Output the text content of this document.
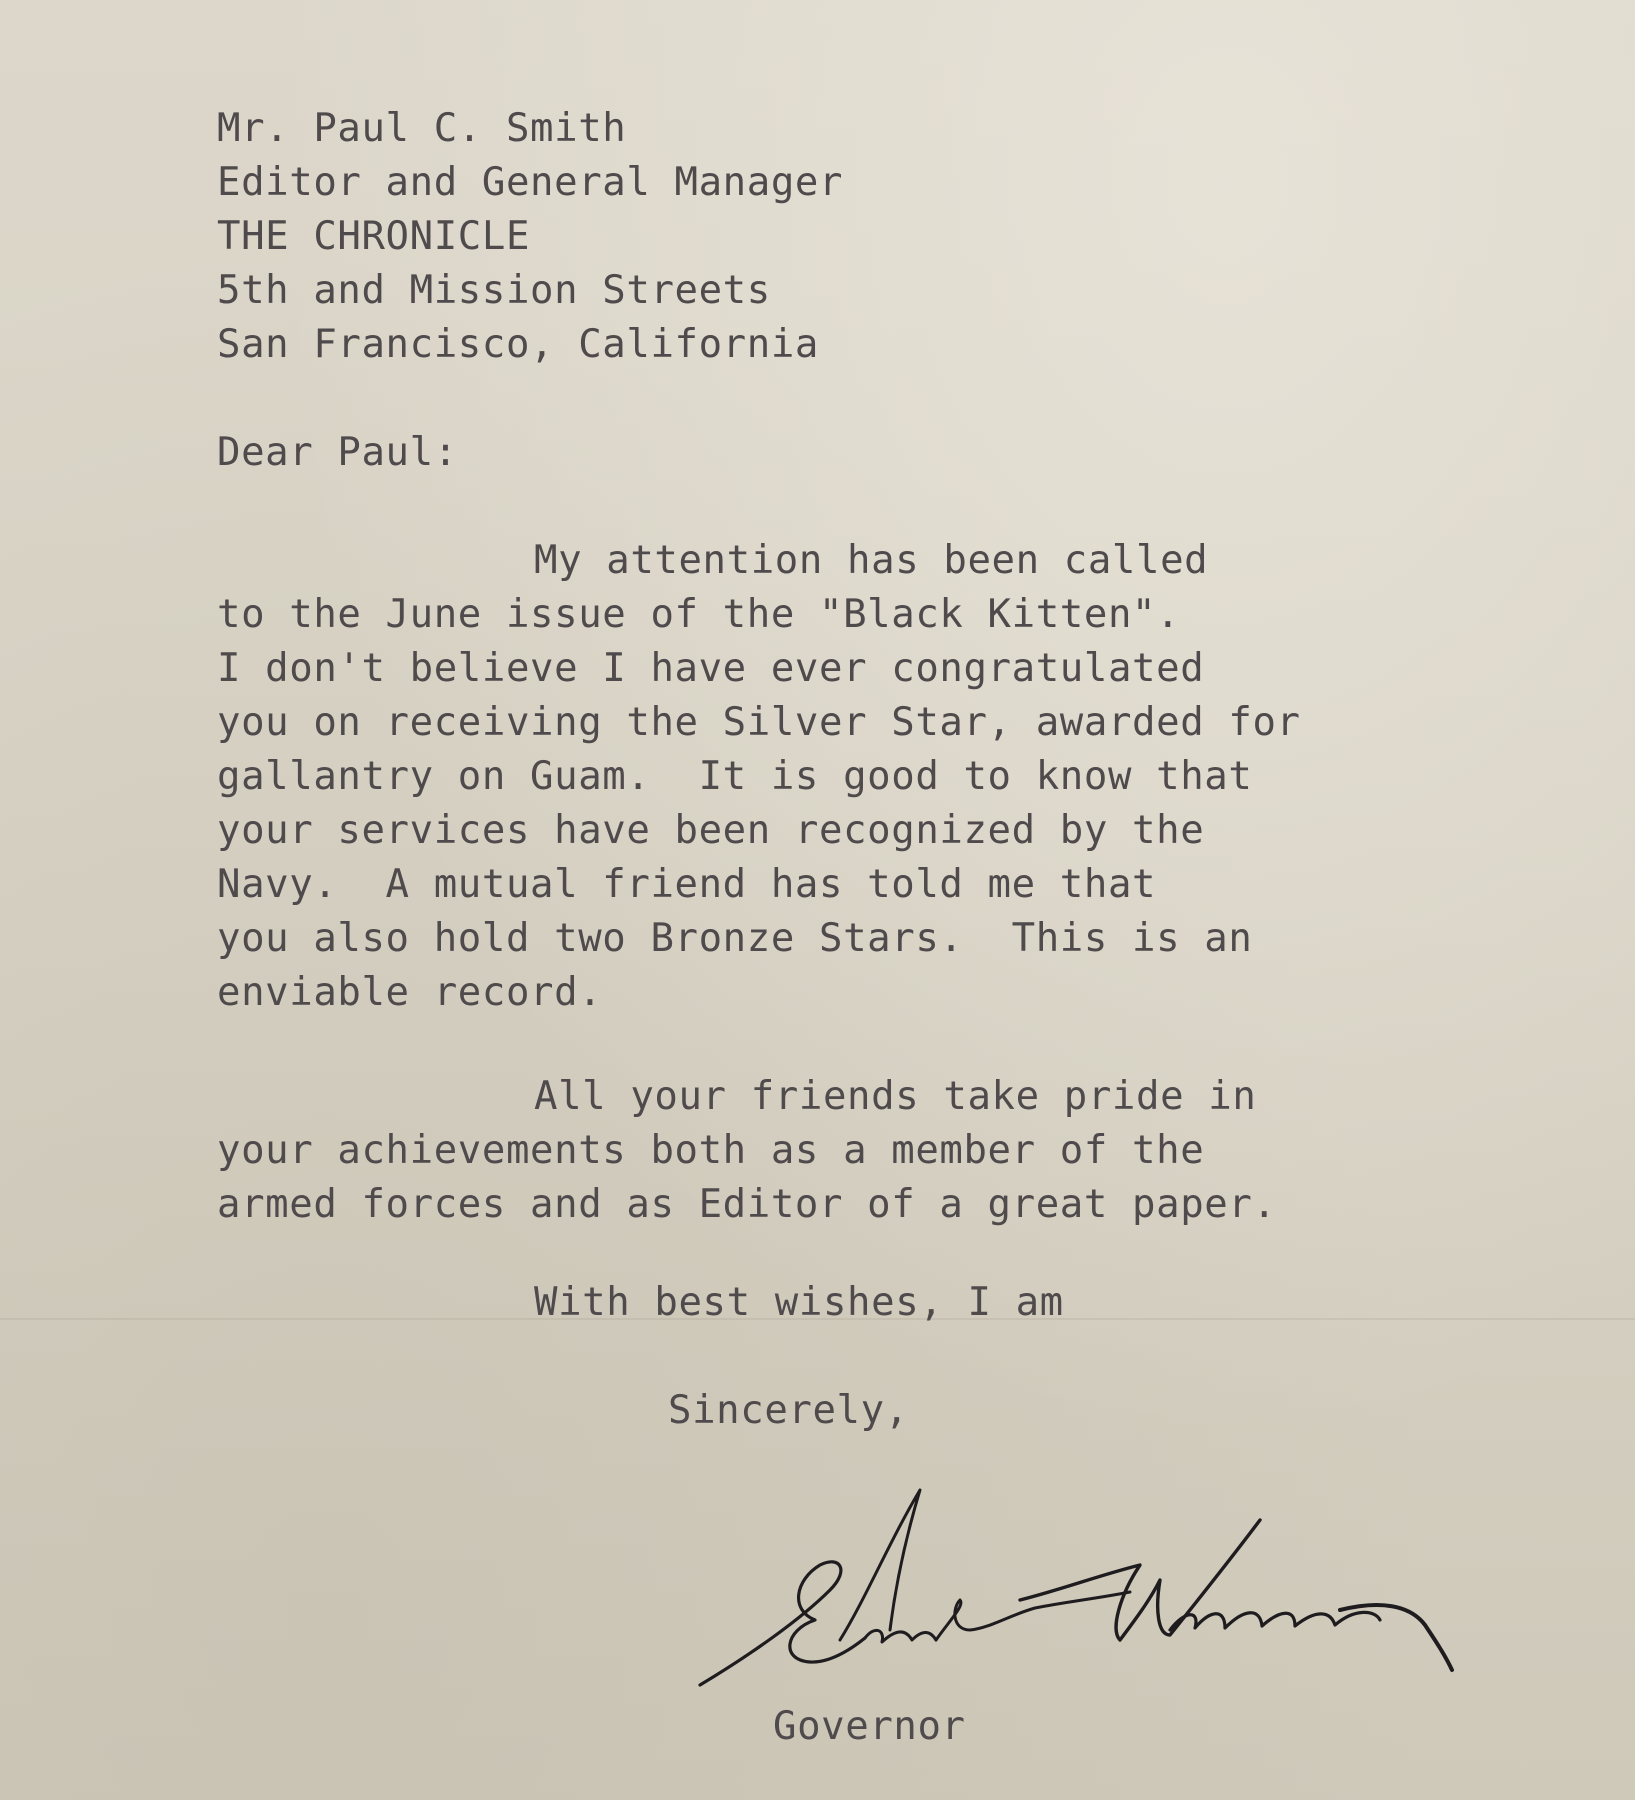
Mr. Paul C. Smith
Editor and General Manager
THE CHRONICLE
5th and Mission Streets
San Francisco, California
Dear Paul:
My attention has been called
to the June issue of the "Black Kitten".
I don't believe I have ever congratulated
you on receiving the Silver Star, awarded for
gallantry on Guam.  It is good to know that
your services have been recognized by the
Navy.  A mutual friend has told me that
you also hold two Bronze Stars.  This is an
enviable record.
All your friends take pride in
your achievements both as a member of the
armed forces and as Editor of a great paper.
With best wishes, I am
Sincerely,
Governor
